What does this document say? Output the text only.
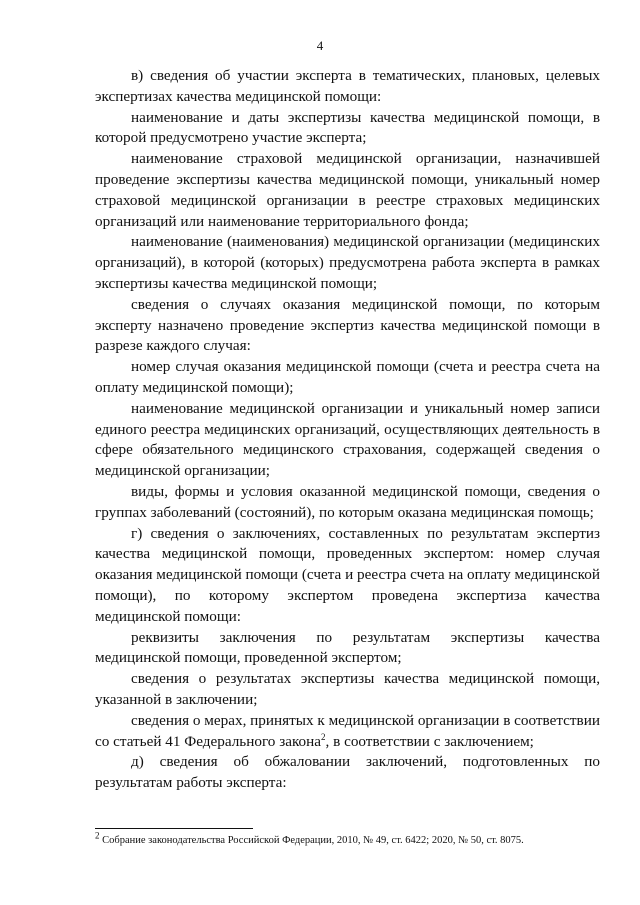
4

в) сведения об участии эксперта в тематических, плановых, целевых экспертизах качества медицинской помощи:

наименование и даты экспертизы качества медицинской помощи, в которой предусмотрено участие эксперта;

наименование страховой медицинской организации, назначившей проведение экспертизы качества медицинской помощи, уникальный номер страховой медицинской организации в реестре страховых медицинских организаций или наименование территориального фонда;

наименование (наименования) медицинской организации (медицинских организаций), в которой (которых) предусмотрена работа эксперта в рамках экспертизы качества медицинской помощи;

сведения о случаях оказания медицинской помощи, по которым эксперту назначено проведение экспертиз качества медицинской помощи в разрезе каждого случая:

номер случая оказания медицинской помощи (счета и реестра счета на оплату медицинской помощи);

наименование медицинской организации и уникальный номер записи единого реестра медицинских организаций, осуществляющих деятельность в сфере обязательного медицинского страхования, содержащей сведения о медицинской организации;

виды, формы и условия оказанной медицинской помощи, сведения о группах заболеваний (состояний), по которым оказана медицинская помощь;

г) сведения о заключениях, составленных по результатам экспертиз качества медицинской помощи, проведенных экспертом: номер случая оказания медицинской помощи (счета и реестра счета на оплату медицинской помощи), по которому экспертом проведена экспертиза качества медицинской помощи:

реквизиты заключения по результатам экспертизы качества медицинской помощи, проведенной экспертом;

сведения о результатах экспертизы качества медицинской помощи, указанной в заключении;

сведения о мерах, принятых к медицинской организации в соответствии со статьей 41 Федерального закона$^2$, в соответствии с заключением;

д) сведения об обжаловании заключений, подготовленных по результатам работы эксперта:

$^2$ Собрание законодательства Российской Федерации, 2010, № 49, ст. 6422; 2020, № 50, ст. 8075.
